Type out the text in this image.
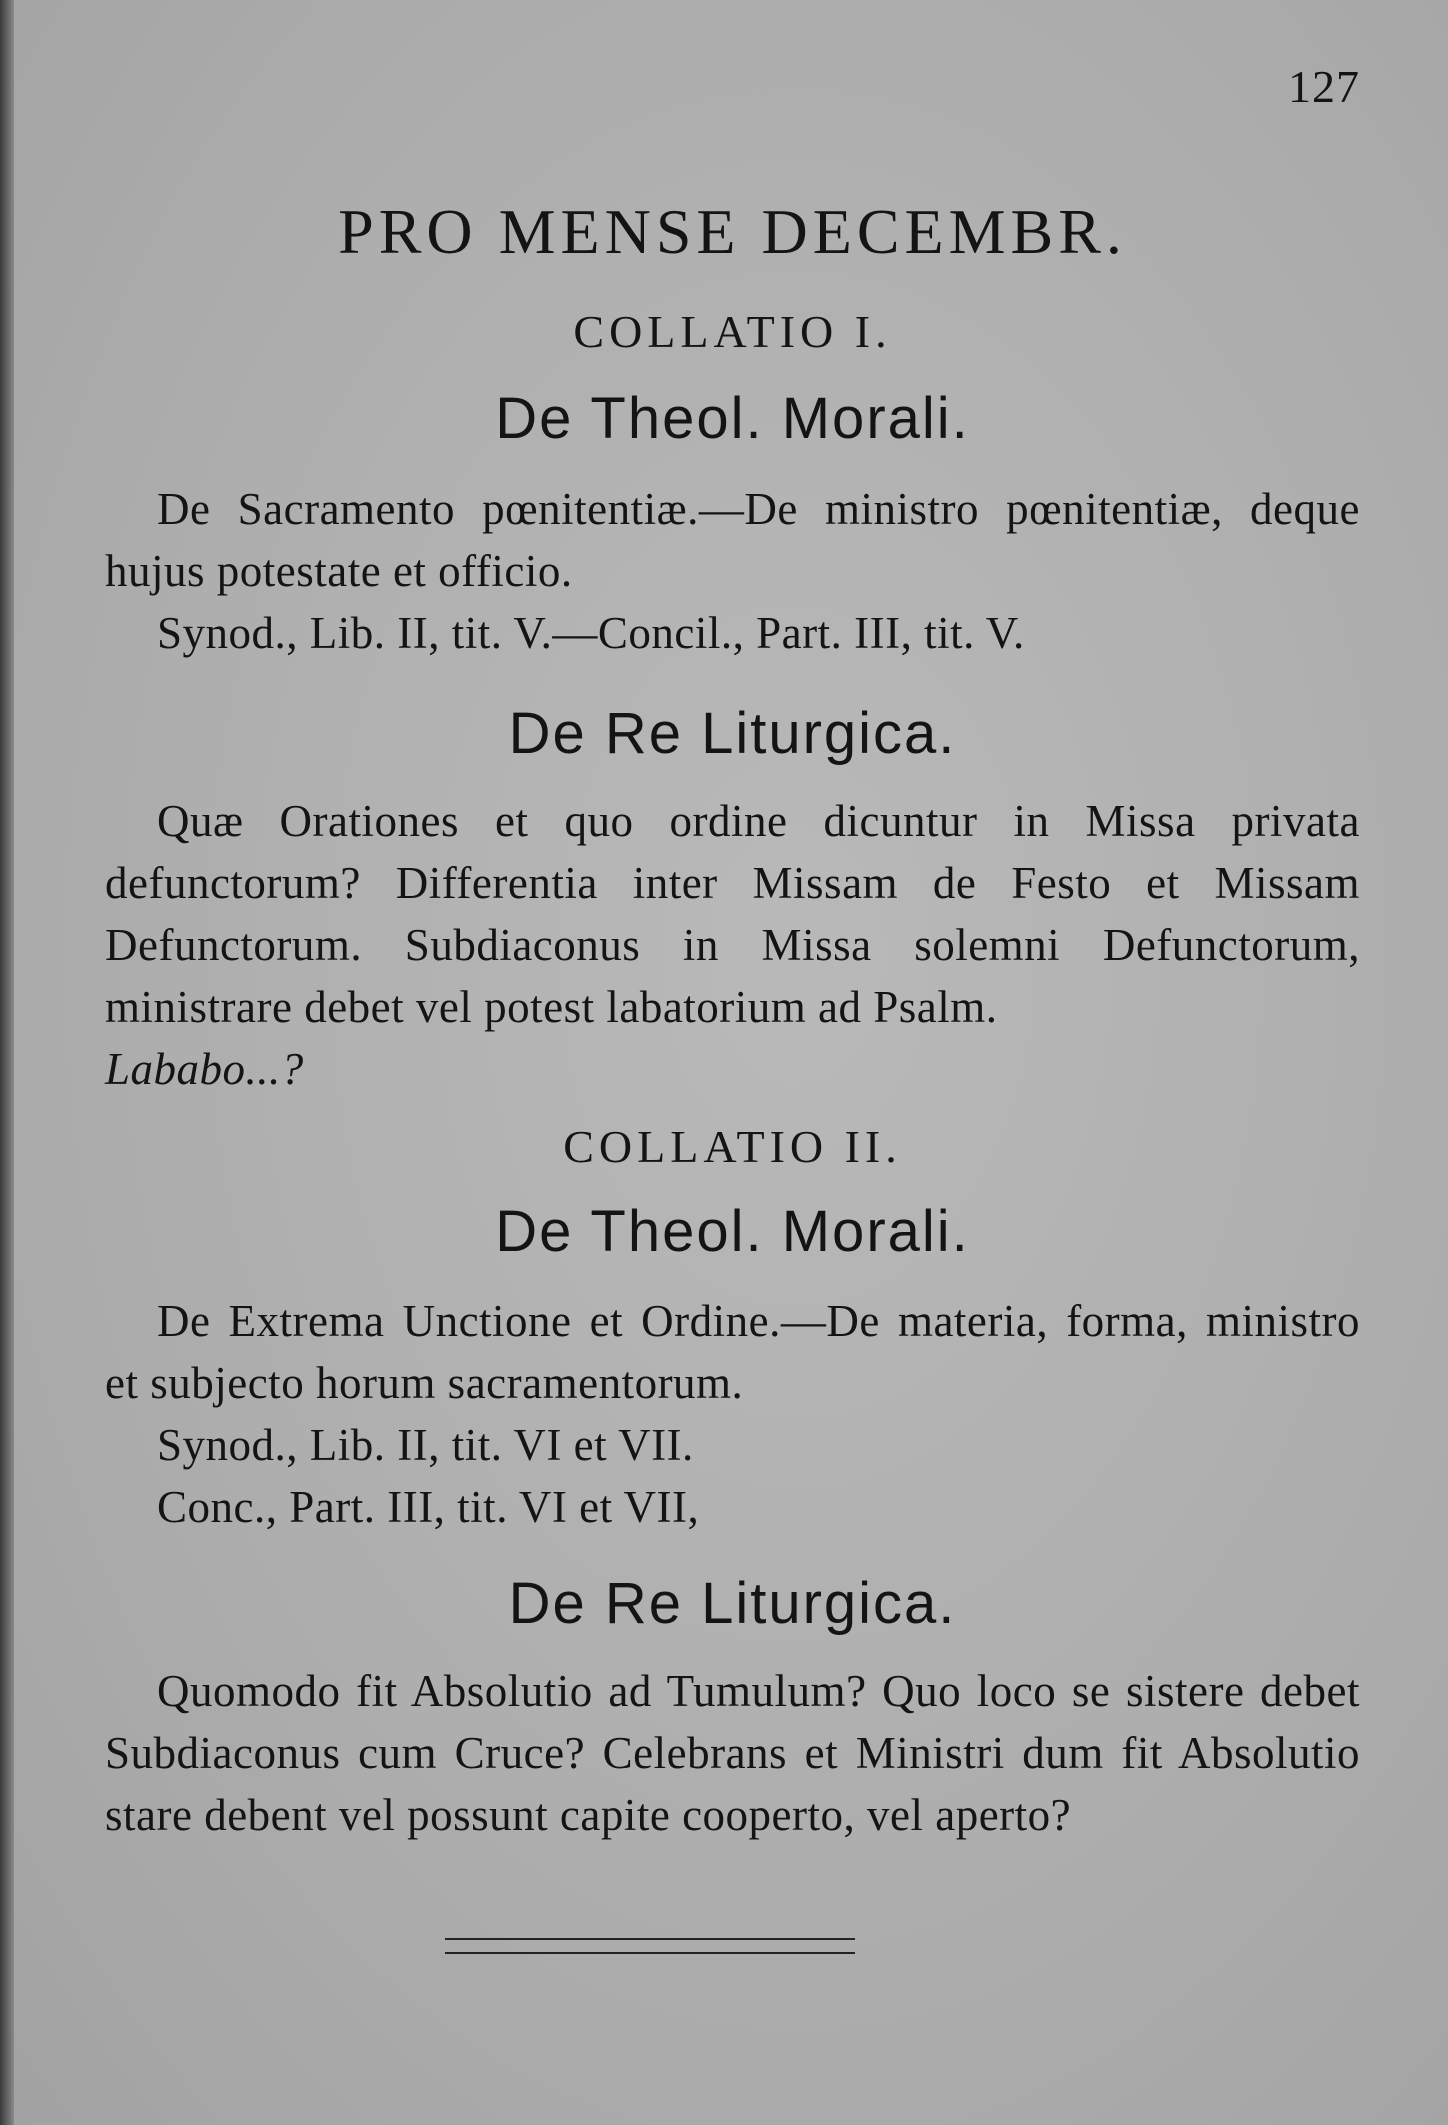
127
PRO MENSE DECEMBR.
COLLATIO I.
De Theol. Morali.
De Sacramento pœnitentiæ.—De ministro pœnitentiæ, deque hujus potestate et officio.
Synod., Lib. II, tit. V.—Concil., Part. III, tit. V.
De Re Liturgica.
Quæ Orationes et quo ordine dicuntur in Missa privata defunctorum? Differentia inter Missam de Festo et Missam Defunctorum. Subdiaconus in Missa solemni Defunctorum, ministrare debet vel potest labatorium ad Psalm.
Lababo...?
COLLATIO II.
De Theol. Morali.
De Extrema Unctione et Ordine.—De materia, forma, ministro et subjecto horum sacramentorum.
Synod., Lib. II, tit. VI et VII.
Conc., Part. III, tit. VI et VII,
De Re Liturgica.
Quomodo fit Absolutio ad Tumulum? Quo loco se sistere debet Subdiaconus cum Cruce? Celebrans et Ministri dum fit Absolutio stare debent vel possunt capite cooperto, vel aperto?
